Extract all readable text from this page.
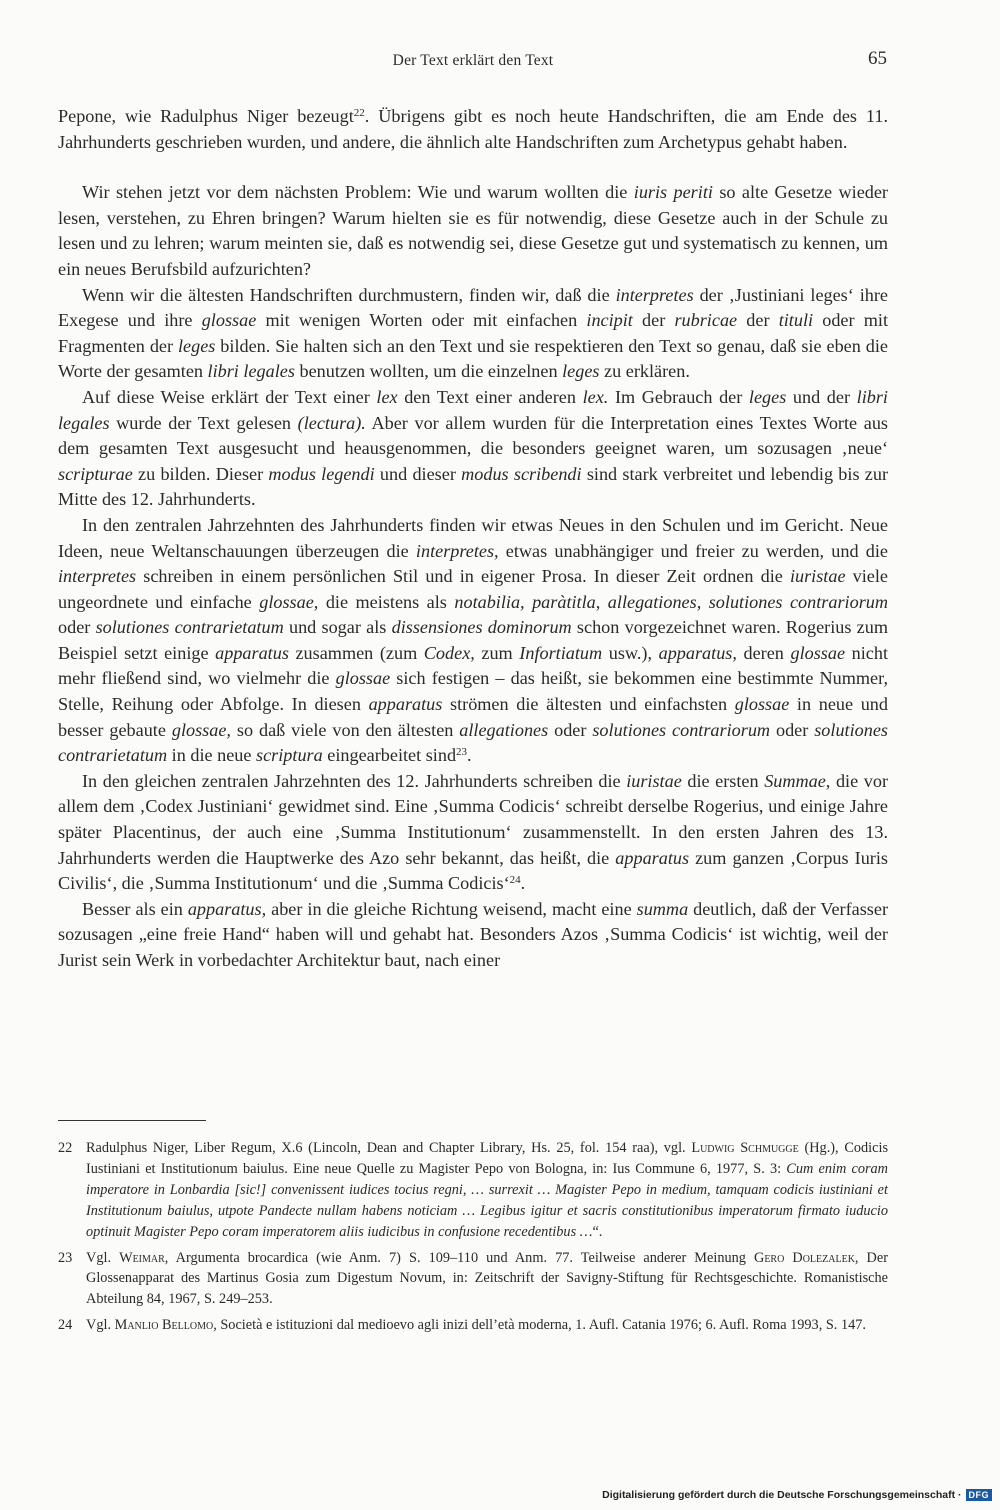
Der Text erklärt den Text	65

Pepone, wie Radulphus Niger bezeugt$^{22}$. Übrigens gibt es noch heute Handschriften, die am Ende des 11. Jahrhunderts geschrieben wurden, und andere, die ähnlich alte Handschriften zum Archetypus gehabt haben.

Wir stehen jetzt vor dem nächsten Problem: Wie und warum wollten die iuris periti so alte Gesetze wieder lesen, verstehen, zu Ehren bringen? Warum hielten sie es für notwendig, diese Gesetze auch in der Schule zu lesen und zu lehren; warum meinten sie, daß es notwendig sei, diese Gesetze gut und systematisch zu kennen, um ein neues Berufsbild aufzurichten?

Wenn wir die ältesten Handschriften durchmustern, finden wir, daß die interpretes der ‚Justiniani leges‘ ihre Exegese und ihre glossae mit wenigen Worten oder mit einfachen incipit der rubricae der tituli oder mit Fragmenten der leges bilden. Sie halten sich an den Text und sie respektieren den Text so genau, daß sie eben die Worte der gesamten libri legales benutzen wollten, um die einzelnen leges zu erklären.

Auf diese Weise erklärt der Text einer lex den Text einer anderen lex. Im Gebrauch der leges und der libri legales wurde der Text gelesen (lectura). Aber vor allem wurden für die Interpretation eines Textes Worte aus dem gesamten Text ausgesucht und heausgenommen, die besonders geeignet waren, um sozusagen ‚neue‘ scripturae zu bilden. Dieser modus legendi und dieser modus scribendi sind stark verbreitet und lebendig bis zur Mitte des 12. Jahrhunderts.

In den zentralen Jahrzehnten des Jahrhunderts finden wir etwas Neues in den Schulen und im Gericht. Neue Ideen, neue Weltanschauungen überzeugen die interpretes, etwas unabhängiger und freier zu werden, und die interpretes schreiben in einem persönlichen Stil und in eigener Prosa. In dieser Zeit ordnen die iuristae viele ungeordnete und einfache glossae, die meistens als notabilia, paràtitla, allegationes, solutiones contrariorum oder solutiones contrarietatum und sogar als dissensiones dominorum schon vorgezeichnet waren. Rogerius zum Beispiel setzt einige apparatus zusammen (zum Codex, zum Infortiatum usw.), apparatus, deren glossae nicht mehr fließend sind, wo vielmehr die glossae sich festigen – das heißt, sie bekommen eine bestimmte Nummer, Stelle, Reihung oder Abfolge. In diesen apparatus strömen die ältesten und einfachsten glossae in neue und besser gebaute glossae, so daß viele von den ältesten allegationes oder solutiones contrariorum oder solutiones contrarietatum in die neue scriptura eingearbeitet sind$^{23}$.

In den gleichen zentralen Jahrzehnten des 12. Jahrhunderts schreiben die iuristae die ersten Summae, die vor allem dem ‚Codex Justiniani‘ gewidmet sind. Eine ‚Summa Codicis‘ schreibt derselbe Rogerius, und einige Jahre später Placentinus, der auch eine ‚Summa Institutionum‘ zusammenstellt. In den ersten Jahren des 13. Jahrhunderts werden die Hauptwerke des Azo sehr bekannt, das heißt, die apparatus zum ganzen ‚Corpus Iuris Civilis‘, die ‚Summa Institutionum‘ und die ‚Summa Codicis‘$^{24}$.

Besser als ein apparatus, aber in die gleiche Richtung weisend, macht eine summa deutlich, daß der Verfasser sozusagen „eine freie Hand“ haben will und gehabt hat. Besonders Azos ‚Summa Codicis‘ ist wichtig, weil der Jurist sein Werk in vorbedachter Architektur baut, nach einer

22 Radulphus Niger, Liber Regum, X.6 (Lincoln, Dean and Chapter Library, Hs. 25, fol. 154 raa), vgl. Ludwig Schmugge (Hg.), Codicis Iustiniani et Institutionum baiulus. Eine neue Quelle zu Magister Pepo von Bologna, in: Ius Commune 6, 1977, S. 3: Cum enim coram imperatore in Lonbardia [sic!] convenissent iudices tocius regni, … surrexit … Magister Pepo in medium, tamquam codicis iustiniani et Institutionum baiulus, utpote Pandecte nullam habens noticiam … Legibus igitur et sacris constitutionibus imperatorum firmato iuducio optinuit Magister Pepo coram imperatorem aliis iudicibus in confusione recedentibus …“.
23 Vgl. Weimar, Argumenta brocardica (wie Anm. 7) S. 109–110 und Anm. 77. Teilweise anderer Meinung Gero Dolezalek, Der Glossenapparat des Martinus Gosia zum Digestum Novum, in: Zeitschrift der Savigny-Stiftung für Rechtsgeschichte. Romanistische Abteilung 84, 1967, S. 249–253.
24 Vgl. Manlio Bellomo, Società e istituzioni dal medioevo agli inizi dell’età moderna, 1. Aufl. Catania 1976; 6. Aufl. Roma 1993, S. 147.
Digitalisierung gefördert durch die Deutsche Forschungsgemeinschaft · DFG
